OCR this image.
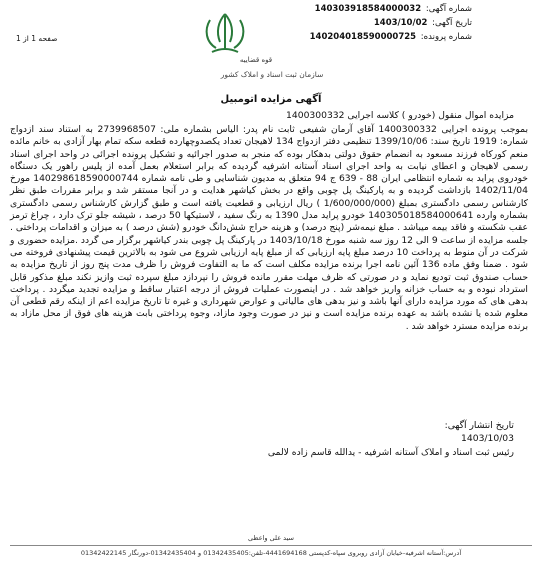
شماره آگهی: 140303918584000032
تاریخ آگهی: 1403/10/02
شماره پرونده: 140204018590000725
قوه قضاییه
سازمان ثبت اسناد و املاک کشور
صفحه 1 از 1
آگهی مزایده اتومبیل
مزایده اموال منقول (خودرو ) کلاسه اجرایی 1400300332

بموجب پرونده اجرایی 1400300332 آقای آرمان شفیعی ثابت نام پدر: الیاس بشماره ملی: 2739968507 به استناد سند ازدواج شماره: 1919 تاریخ سند: 1399/10/06 تنظیمی دفتر ازدواج 134 لاهیجان تعداد یکصدوچهارده قطعه سکه تمام بهار آزادی به خانم مائده منعم کورکاه فرزند مسعود به انضمام حقوق دولتی بدهکار بوده که منجر به صدور اجرائیه و تشکیل پرونده اجرائی در واحد اجرای اسناد رسمی لاهیجان و اعطای نیابت به واحد اجرای اسناد آستانه اشرفیه گردیده که برابر استعلام بعمل آمده از پلیس راهور یک دستگاه خودروی پراید به شماره انتظامی ایران 88 - 639 ج 94 متعلق به مدیون شناسایی و طی نامه شماره 140298618590000744 مورخ 1402/11/04 بازداشت گردیده و به پارکینگ پل چوبی واقع در بخش کیاشهر هدایت و در آنجا مستقر شد و برابر مقررات طبق نظر کارشناس رسمی دادگستری بمبلغ (1/600/000/000 ) ریال ارزیابی و قطعیت یافته است و طبق گزارش کارشناس رسمی دادگستری بشماره وارده 140305018584000641 خودرو پراید مدل 1390 به رنگ سفید ، لاستیکها 50 درصد ، شیشه جلو ترک دارد ، چراغ ترمز عقب شکسته و فاقد بیمه میباشد . مبلغ نیمه‌شر (پنج درصد) و هزینه حراج شش‌دانگ خودرو (شش درصد ) به میزان و اقدامات پرداختی . جلسه مزایده از ساعت 9 الی 12 روز سه شنبه مورخ 1403/10/18 در پارکینگ پل چوبی بندر کیاشهر برگزار می گردد .مزایده حضوری و شرکت در آن منوط به پرداخت 10 درصد مبلغ پایه ارزیابی که از مبلغ پایه ارزیابی شروع می شود به بالاترین قیمت پیشنهادی فروخته می شود . ضمنا وفق ماده 136 آئین نامه اجرا برنده مزایده مکلف است که ما به التفاوت فروش را ظرف مدت پنج روز از تاریخ مزایده به حساب صندوق ثبت تودیع نماید و در صورتی که ظرف مهلت مقرر مانده فروش را نپردازد مبلغ سپرده ثبت وازیز نکند مبلغ مذکور قابل استرداد نبوده و به حساب خزانه واریز خواهد شد . در اینصورت عملیات فروش از درجه اعتبار ساقط و مزایده تجدید میگردد . پرداخت بدهی های که مورد مزایده دارای آنها باشد و نیز بدهی های مالیاتی و عوارض شهرداری و غیره تا تاریخ مزایده اعم از اینکه رقم قطعی آن معلوم شده یا نشده باشد به عهده برنده مزایده است و نیز در صورت وجود مازاد، وجوه پرداختی بابت هزینه های فوق از محل مازاد به برنده مزایده مسترد خواهد شد .

تاریخ انتشار آگهی:
1403/10/03
رئیس ثبت اسناد و املاک آستانه اشرفیه - یدالله قاسم زاده لالمی
سید علی واعظی
آدرس:آستانه اشرفیه-خیابان آزادی روبروی سپاه-کدپستی 4441694168-تلفن:01342435405 و 01342435404-دورنگار 01342422145
